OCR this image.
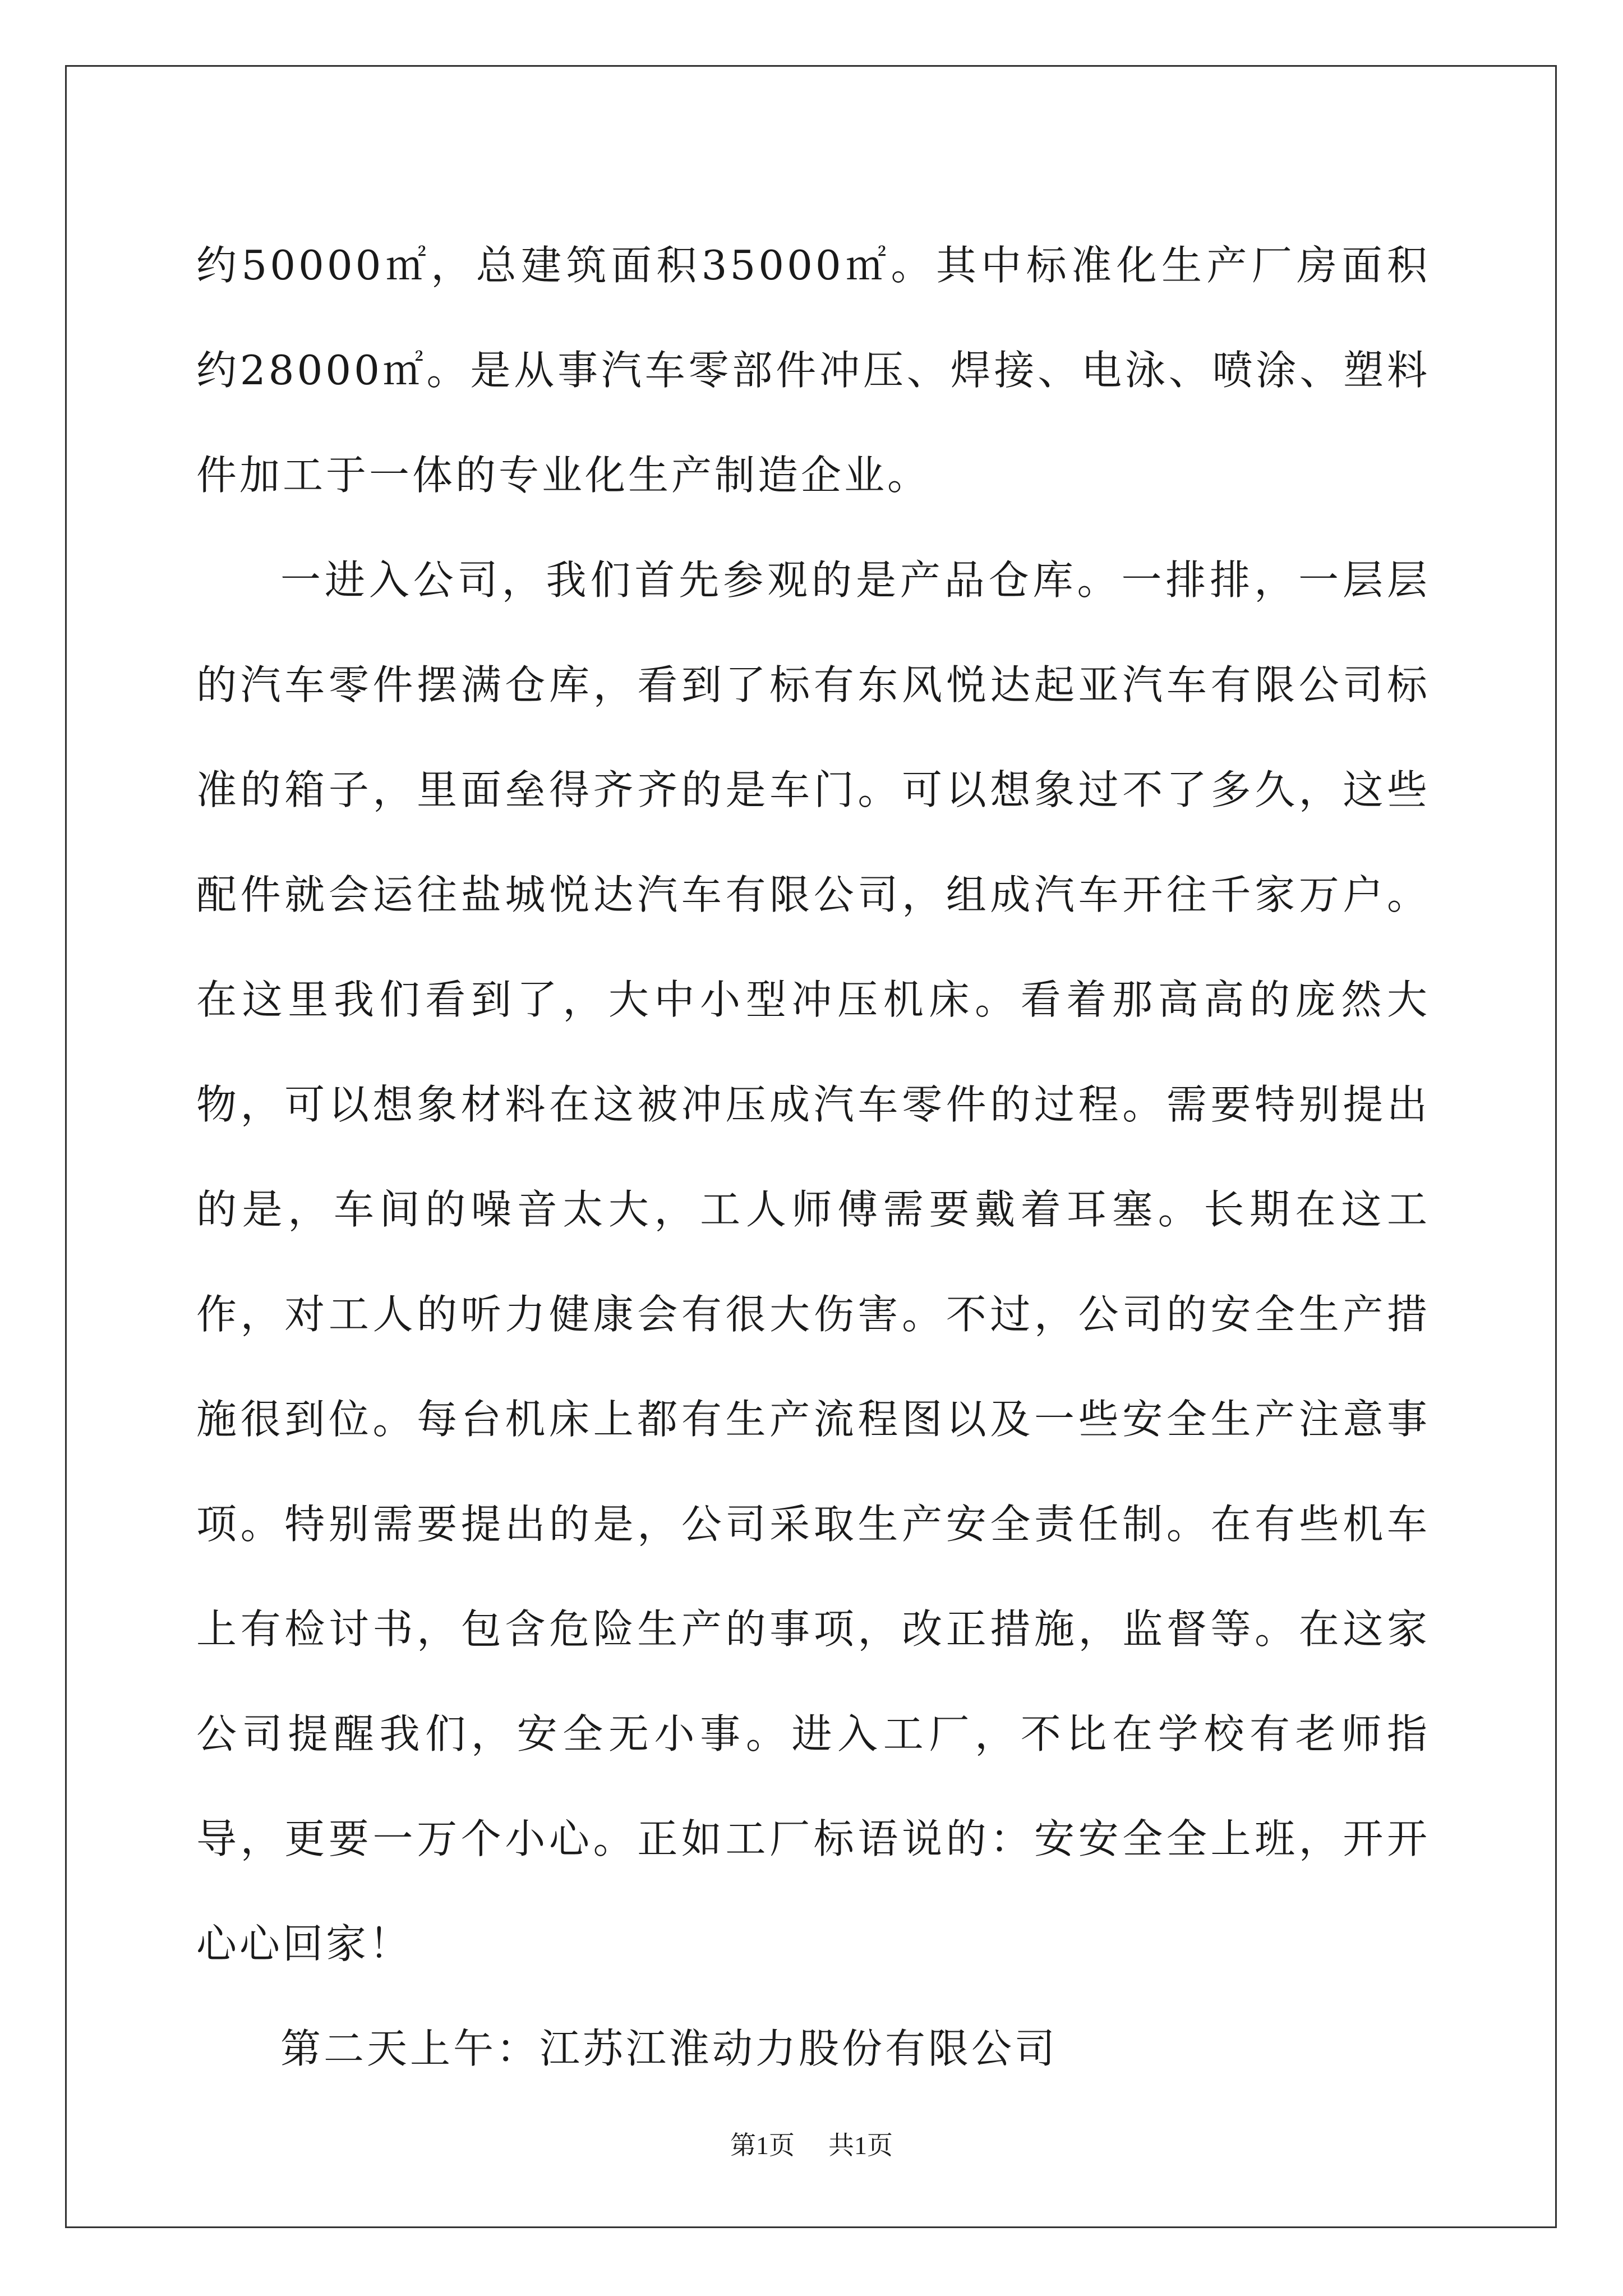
约50000㎡，总建筑面积35000㎡。其中标准化生产厂房面积约28000㎡。是从事汽车零部件冲压、焊接、电泳、喷涂、塑料件加工于一体的专业化生产制造企业。

一进入公司，我们首先参观的是产品仓库。一排排，一层层的汽车零件摆满仓库，看到了标有东风悦达起亚汽车有限公司标准的箱子，里面垒得齐齐的是车门。可以想象过不了多久，这些配件就会运往盐城悦达汽车有限公司，组成汽车开往千家万户。在这里我们看到了，大中小型冲压机床。看着那高高的庞然大物，可以想象材料在这被冲压成汽车零件的过程。需要特别提出的是，车间的噪音太大，工人师傅需要戴着耳塞。长期在这工作，对工人的听力健康会有很大伤害。不过，公司的安全生产措施很到位。每台机床上都有生产流程图以及一些安全生产注意事项。特别需要提出的是，公司采取生产安全责任制。在有些机车上有检讨书，包含危险生产的事项，改正措施，监督等。在这家公司提醒我们，安全无小事。进入工厂，不比在学校有老师指导，更要一万个小心。正如工厂标语说的：安安全全上班，开开心心回家！

第二天上午：江苏江淮动力股份有限公司

第1页 共1页
